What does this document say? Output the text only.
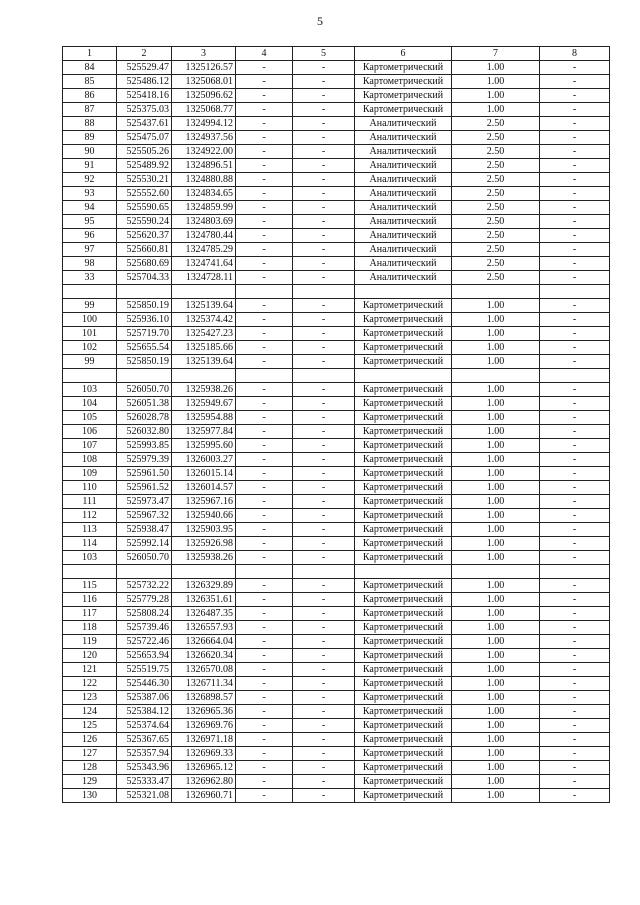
5
1	2	3	4	5	6	7	8
84	525529.47	1325126.57	-	-	Картометрический	1.00	-
85	525486.12	1325068.01	-	-	Картометрический	1.00	-
86	525418.16	1325096.62	-	-	Картометрический	1.00	-
87	525375.03	1325068.77	-	-	Картометрический	1.00	-
88	525437.61	1324994.12	-	-	Аналитический	2.50	-
89	525475.07	1324937.56	-	-	Аналитический	2.50	-
90	525505.26	1324922.00	-	-	Аналитический	2.50	-
91	525489.92	1324896.51	-	-	Аналитический	2.50	-
92	525530.21	1324880.88	-	-	Аналитический	2.50	-
93	525552.60	1324834.65	-	-	Аналитический	2.50	-
94	525590.65	1324859.99	-	-	Аналитический	2.50	-
95	525590.24	1324803.69	-	-	Аналитический	2.50	-
96	525620.37	1324780.44	-	-	Аналитический	2.50	-
97	525660.81	1324785.29	-	-	Аналитический	2.50	-
98	525680.69	1324741.64	-	-	Аналитический	2.50	-
33	525704.33	1324728.11	-	-	Аналитический	2.50	-

99	525850.19	1325139.64	-	-	Картометрический	1.00	-
100	525936.10	1325374.42	-	-	Картометрический	1.00	-
101	525719.70	1325427.23	-	-	Картометрический	1.00	-
102	525655.54	1325185.66	-	-	Картометрический	1.00	-
99	525850.19	1325139.64	-	-	Картометрический	1.00	-

103	526050.70	1325938.26	-	-	Картометрический	1.00	-
104	526051.38	1325949.67	-	-	Картометрический	1.00	-
105	526028.78	1325954.88	-	-	Картометрический	1.00	-
106	526032.80	1325977.84	-	-	Картометрический	1.00	-
107	525993.85	1325995.60	-	-	Картометрический	1.00	-
108	525979.39	1326003.27	-	-	Картометрический	1.00	-
109	525961.50	1326015.14	-	-	Картометрический	1.00	-
110	525961.52	1326014.57	-	-	Картометрический	1.00	-
111	525973.47	1325967.16	-	-	Картометрический	1.00	-
112	525967.32	1325940.66	-	-	Картометрический	1.00	-
113	525938.47	1325903.95	-	-	Картометрический	1.00	-
114	525992.14	1325926.98	-	-	Картометрический	1.00	-
103	526050.70	1325938.26	-	-	Картометрический	1.00	-

115	525732.22	1326329.89	-	-	Картометрический	1.00	-
116	525779.28	1326351.61	-	-	Картометрический	1.00	-
117	525808.24	1326487.35	-	-	Картометрический	1.00	-
118	525739.46	1326557.93	-	-	Картометрический	1.00	-
119	525722.46	1326664.04	-	-	Картометрический	1.00	-
120	525653.94	1326620.34	-	-	Картометрический	1.00	-
121	525519.75	1326570.08	-	-	Картометрический	1.00	-
122	525446.30	1326711.34	-	-	Картометрический	1.00	-
123	525387.06	1326898.57	-	-	Картометрический	1.00	-
124	525384.12	1326965.36	-	-	Картометрический	1.00	-
125	525374.64	1326969.76	-	-	Картометрический	1.00	-
126	525367.65	1326971.18	-	-	Картометрический	1.00	-
127	525357.94	1326969.33	-	-	Картометрический	1.00	-
128	525343.96	1326965.12	-	-	Картометрический	1.00	-
129	525333.47	1326962.80	-	-	Картометрический	1.00	-
130	525321.08	1326960.71	-	-	Картометрический	1.00	-
